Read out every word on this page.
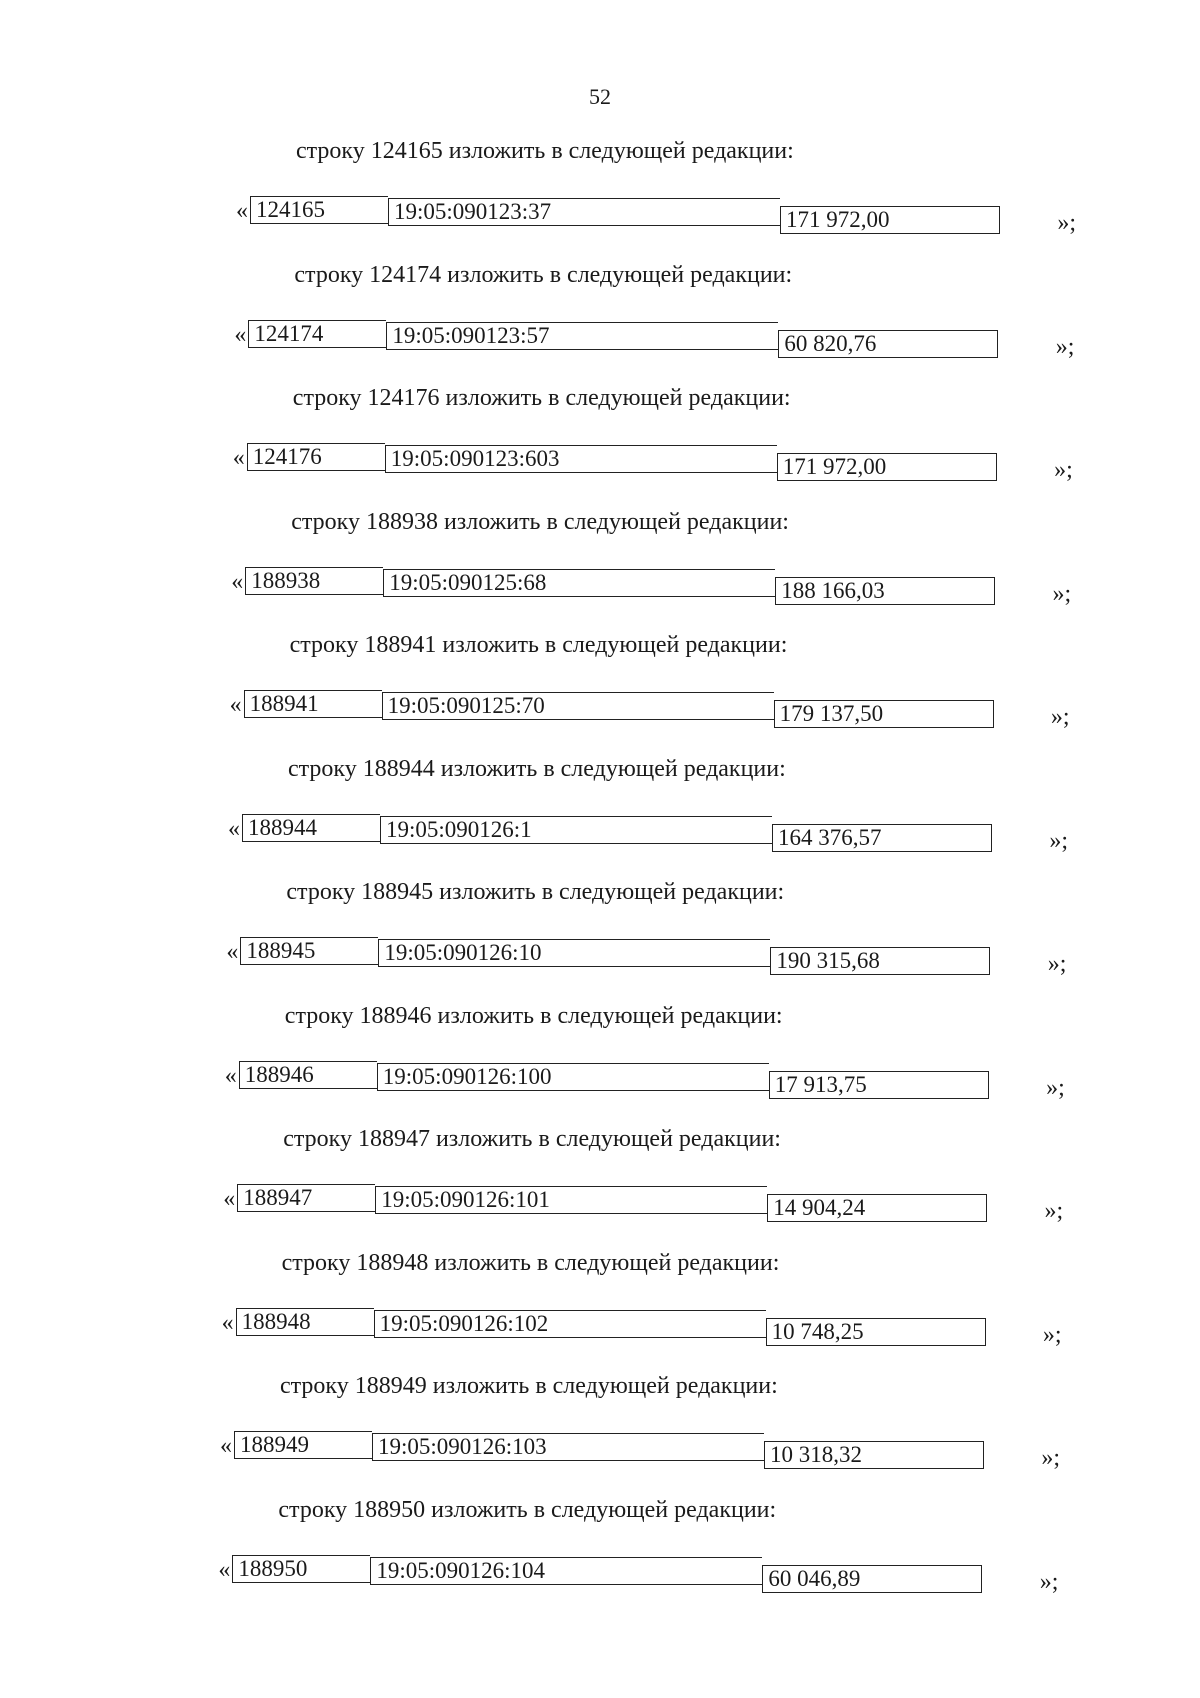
52
строку 124165 изложить в следующей редакции:
« 124165	19:05:090123:37	171 972,00	»;
строку 124174 изложить в следующей редакции:
« 124174	19:05:090123:57	60 820,76	»;
строку 124176 изложить в следующей редакции:
« 124176	19:05:090123:603	171 972,00	»;
строку 188938 изложить в следующей редакции:
« 188938	19:05:090125:68	188 166,03	»;
строку 188941 изложить в следующей редакции:
« 188941	19:05:090125:70	179 137,50	»;
строку 188944 изложить в следующей редакции:
« 188944	19:05:090126:1	164 376,57	»;
строку 188945 изложить в следующей редакции:
« 188945	19:05:090126:10	190 315,68	»;
строку 188946 изложить в следующей редакции:
« 188946	19:05:090126:100	17 913,75	»;
строку 188947 изложить в следующей редакции:
« 188947	19:05:090126:101	14 904,24	»;
строку 188948 изложить в следующей редакции:
« 188948	19:05:090126:102	10 748,25	»;
строку 188949 изложить в следующей редакции:
« 188949	19:05:090126:103	10 318,32	»;
строку 188950 изложить в следующей редакции:
« 188950	19:05:090126:104	60 046,89	»;
